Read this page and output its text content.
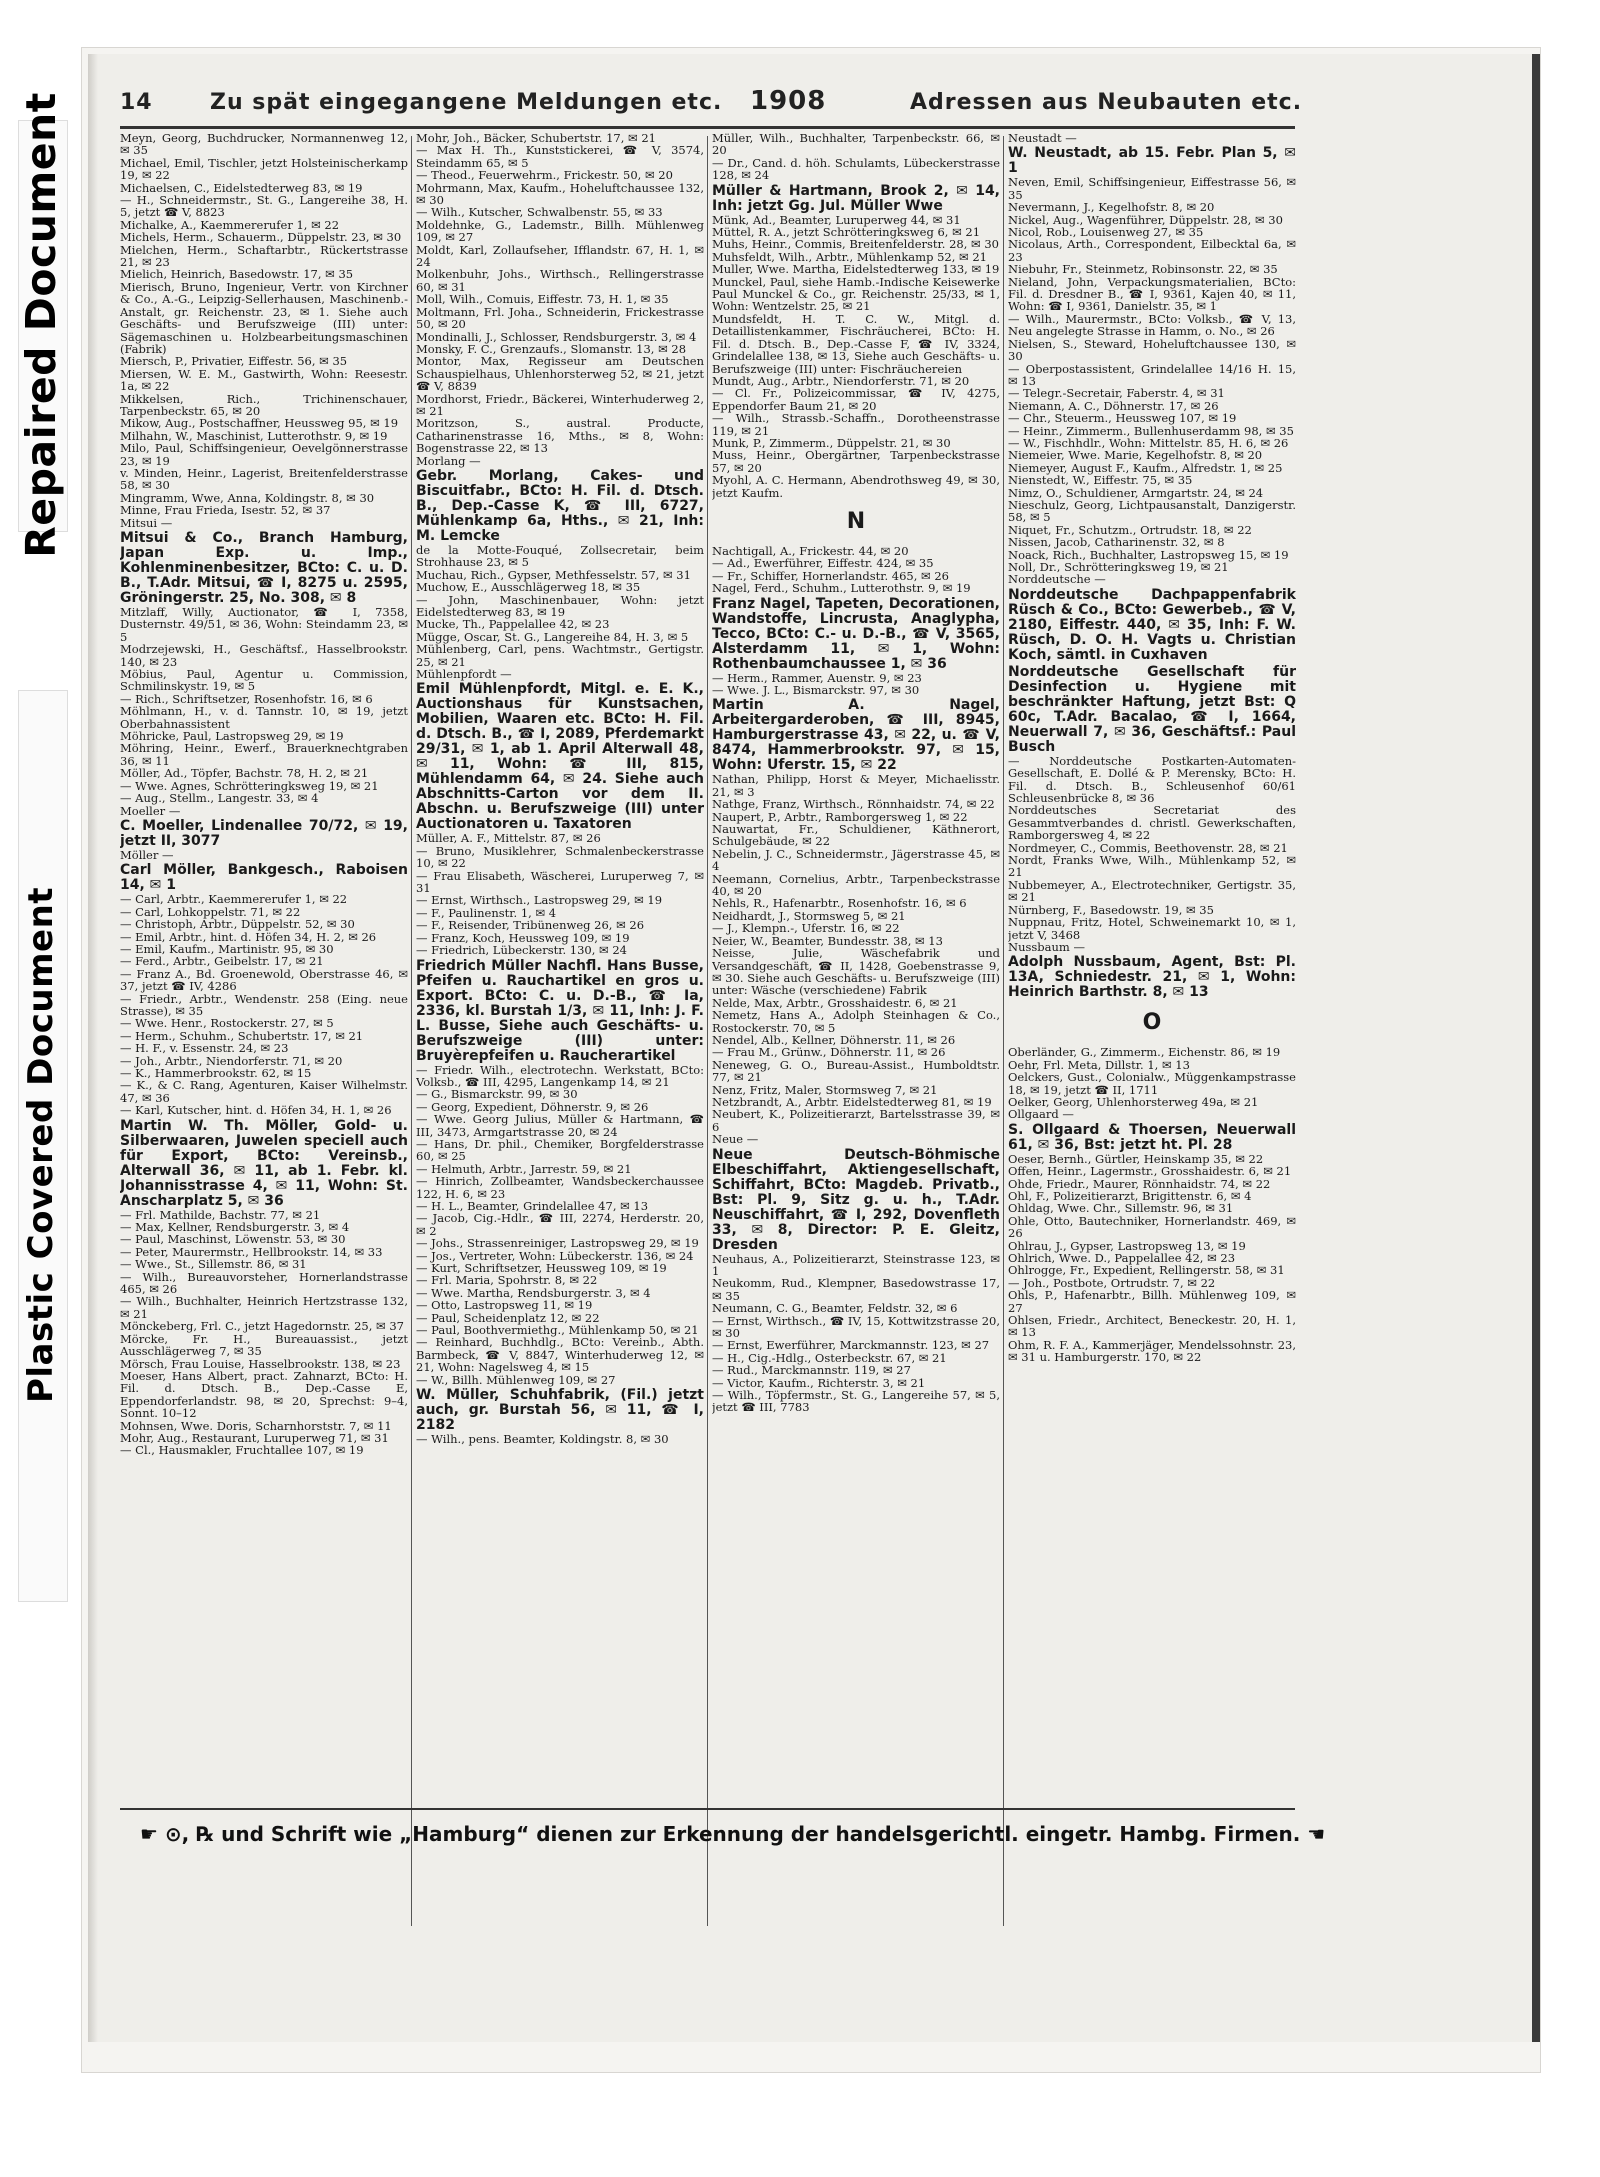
Repaired Document
Plastic Covered Document
14	Zu spät eingegangene Meldungen etc. 1908	Adressen aus Neubauten etc.

Meyn, Georg, Buchdrucker, Normannenweg 12, ✉ 35

Michael, Emil, Tischler, jetzt Holsteinischerkamp 19, ✉ 22

Michaelsen, C., Eidelstedterweg 83, ✉ 19

— H., Schneidermstr., St. G., Langereihe 38, H. 5, jetzt ☎ V, 8823

Michalke, A., Kaemmererufer 1, ✉ 22

Michels, Herm., Schauerm., Düppelstr. 23, ✉ 30

Mielchen, Herm., Schaftarbtr., Rückertstrasse 21, ✉ 23

Mielich, Heinrich, Basedowstr. 17, ✉ 35

Mierisch, Bruno, Ingenieur, Vertr. von Kirchner & Co., A.-G., Leipzig-Sellerhausen, Maschinenb.-Anstalt, gr. Reichenstr. 23, ✉ 1. Siehe auch Geschäfts- und Berufszweige (III) unter: Sägemaschinen u. Holzbearbeitungsmaschinen (Fabrik)

Miersch, P., Privatier, Eiffestr. 56, ✉ 35

Miersen, W. E. M., Gastwirth, Wohn: Reesestr. 1a, ✉ 22

Mikkelsen, Rich., Trichinenschauer, Tarpenbeckstr. 65, ✉ 20

Mikow, Aug., Postschaffner, Heussweg 95, ✉ 19

Milhahn, W., Maschinist, Lutterothstr. 9, ✉ 19

Milo, Paul, Schiffsingenieur, Oevelgönnerstrasse 23, ✉ 19

v. Minden, Heinr., Lagerist, Breitenfelderstrasse 58, ✉ 30

Mingramm, Wwe, Anna, Koldingstr. 8, ✉ 30

Minne, Frau Frieda, Isestr. 52, ✉ 37

Mitsui —

Mitsui & Co., Branch Hamburg, Japan Exp. u. Imp., Kohlenminenbesitzer, BCto: C. u. D. B., T.Adr. Mitsui, ☎ I, 8275 u. 2595, Gröningerstr. 25, No. 308, ✉ 8

Mitzlaff, Willy, Auctionator, ☎ I, 7358, Dusternstr. 49/51, ✉ 36, Wohn: Steindamm 23, ✉ 5

Modrzejewski, H., Geschäftsf., Hasselbrookstr. 140, ✉ 23

Möbius, Paul, Agentur u. Commission, Schmilinskystr. 19, ✉ 5

— Rich., Schriftsetzer, Rosenhofstr. 16, ✉ 6

Möhlmann, H., v. d. Tannstr. 10, ✉ 19, jetzt Oberbahnassistent

Möhricke, Paul, Lastropsweg 29, ✉ 19

Möhring, Heinr., Ewerf., Brauerknechtgraben 36, ✉ 11

Möller, Ad., Töpfer, Bachstr. 78, H. 2, ✉ 21

— Wwe. Agnes, Schrötteringksweg 19, ✉ 21

— Aug., Stellm., Langestr. 33, ✉ 4

Moeller —

C. Moeller, Lindenallee 70/72, ✉ 19, jetzt II, 3077

Möller —

Carl Möller, Bankgesch., Raboisen 14, ✉ 1

— Carl, Arbtr., Kaemmererufer 1, ✉ 22

— Carl, Lohkoppelstr. 71, ✉ 22

— Christoph, Arbtr., Düppelstr. 52, ✉ 30

— Emil, Arbtr., hint. d. Höfen 34, H. 2, ✉ 26

— Emil, Kaufm., Martinistr. 95, ✉ 30

— Ferd., Arbtr., Geibelstr. 17, ✉ 21

— Franz A., Bd. Groenewold, Oberstrasse 46, ✉ 37, jetzt ☎ IV, 4286

— Friedr., Arbtr., Wendenstr. 258 (Eing. neue Strasse), ✉ 35

— Wwe. Henr., Rostockerstr. 27, ✉ 5

— Herm., Schuhm., Schubertstr. 17, ✉ 21

— H. F., v. Essenstr. 24, ✉ 23

— Joh., Arbtr., Niendorferstr. 71, ✉ 20

— K., Hammerbrookstr. 62, ✉ 15

— K., & C. Rang, Agenturen, Kaiser Wilhelmstr. 47, ✉ 36

— Karl, Kutscher, hint. d. Höfen 34, H. 1, ✉ 26

Martin W. Th. Möller, Gold- u. Silberwaaren, Juwelen speciell auch für Export, BCto: Vereinsb., Alterwall 36, ✉ 11, ab 1. Febr. kl. Johannisstrasse 4, ✉ 11, Wohn: St. Anscharplatz 5, ✉ 36

— Frl. Mathilde, Bachstr. 77, ✉ 21

— Max, Kellner, Rendsburgerstr. 3, ✉ 4

— Paul, Maschinst, Löwenstr. 53, ✉ 30

— Peter, Maurermstr., Hellbrookstr. 14, ✉ 33

— Wwe., St., Sillemstr. 86, ✉ 31

— Wilh., Bureauvorsteher, Hornerlandstrasse 465, ✉ 26

— Wilh., Buchhalter, Heinrich Hertzstrasse 132, ✉ 21

Mönckeberg, Frl. C., jetzt Hagedornstr. 25, ✉ 37

Mörcke, Fr. H., Bureauassist., jetzt Ausschlägerweg 7, ✉ 35

Mörsch, Frau Louise, Hasselbrookstr. 138, ✉ 23

Moeser, Hans Albert, pract. Zahnarzt, BCto: H. Fil. d. Dtsch. B., Dep.-Casse E, Eppendorferlandstr. 98, ✉ 20, Sprechst: 9–4, Sonnt. 10–12

Mohnsen, Wwe. Doris, Scharnhorststr. 7, ✉ 11

Mohr, Aug., Restaurant, Luruperweg 71, ✉ 31

— Cl., Hausmakler, Fruchtallee 107, ✉ 19

Mohr, Joh., Bäcker, Schubertstr. 17, ✉ 21

— Max H. Th., Kunststickerei, ☎ V, 3574, Steindamm 65, ✉ 5

— Theod., Feuerwehrm., Frickestr. 50, ✉ 20

Mohrmann, Max, Kaufm., Hoheluftchaussee 132, ✉ 30

— Wilh., Kutscher, Schwalbenstr. 55, ✉ 33

Moldehnke, G., Lademstr., Billh. Mühlenweg 109, ✉ 27

Moldt, Karl, Zollaufseher, Ifflandstr. 67, H. 1, ✉ 24

Molkenbuhr, Johs., Wirthsch., Rellingerstrasse 60, ✉ 31

Moll, Wilh., Comuis, Eiffestr. 73, H. 1, ✉ 35

Moltmann, Frl. Joha., Schneiderin, Frickestrasse 50, ✉ 20

Mondinalli, J., Schlosser, Rendsburgerstr. 3, ✉ 4

Monsky, F. C., Grenzaufs., Slomanstr. 13, ✉ 28

Montor, Max, Regisseur am Deutschen Schauspielhaus, Uhlenhorsterweg 52, ✉ 21, jetzt ☎ V, 8839

Mordhorst, Friedr., Bäckerei, Winterhuderweg 2, ✉ 21

Moritzson, S., austral. Producte, Catharinenstrasse 16, Mths., ✉ 8, Wohn: Bogenstrasse 22, ✉ 13

Morlang —

Gebr. Morlang, Cakes- und Biscuitfabr., BCto: H. Fil. d. Dtsch. B., Dep.-Casse K, ☎ III, 6727, Mühlenkamp 6a, Hths., ✉ 21, Inh: M. Lemcke

de la Motte-Fouqué, Zollsecretair, beim Strohhause 23, ✉ 5

Muchau, Rich., Gypser, Methfesselstr. 57, ✉ 31

Muchow, E., Ausschlägerweg 18, ✉ 35

— John, Maschinenbauer, Wohn: jetzt Eidelstedterweg 83, ✉ 19

Mucke, Th., Pappelallee 42, ✉ 23

Mügge, Oscar, St. G., Langereihe 84, H. 3, ✉ 5

Mühlenberg, Carl, pens. Wachtmstr., Gertigstr. 25, ✉ 21

Mühlenpfordt —

Emil Mühlenpfordt, Mitgl. e. E. K., Auctionshaus für Kunstsachen, Mobilien, Waaren etc. BCto: H. Fil. d. Dtsch. B., ☎ I, 2089, Pferdemarkt 29/31, ✉ 1, ab 1. April Alterwall 48, ✉ 11, Wohn: ☎ III, 815, Mühlendamm 64, ✉ 24. Siehe auch Abschnitts-Carton vor dem II. Abschn. u. Berufszweige (III) unter Auctionatoren u. Taxatoren

Müller, A. F., Mittelstr. 87, ✉ 26

— Bruno, Musiklehrer, Schmalenbeckerstrasse 10, ✉ 22

— Frau Elisabeth, Wäscherei, Luruperweg 7, ✉ 31

— Ernst, Wirthsch., Lastropsweg 29, ✉ 19

— F., Paulinenstr. 1, ✉ 4

— F., Reisender, Tribünenweg 26, ✉ 26

— Franz, Koch, Heussweg 109, ✉ 19

— Friedrich, Lübeckerstr. 130, ✉ 24

Friedrich Müller Nachfl. Hans Busse, Pfeifen u. Rauchartikel en gros u. Export. BCto: C. u. D.-B., ☎ Ia, 2336, kl. Burstah 1/3, ✉ 11, Inh: J. F. L. Busse, Siehe auch Geschäfts- u. Berufszweige (III) unter: Bruyèrepfeifen u. Raucherartikel

— Friedr. Wilh., electrotechn. Werkstatt, BCto: Volksb., ☎ III, 4295, Langenkamp 14, ✉ 21

— G., Bismarckstr. 99, ✉ 30

— Georg, Expedient, Döhnerstr. 9, ✉ 26

— Wwe. Georg Julius, Müller & Hartmann, ☎ III, 3473, Armgartstrasse 20, ✉ 24

— Hans, Dr. phil., Chemiker, Borgfelderstrasse 60, ✉ 25

— Helmuth, Arbtr., Jarrestr. 59, ✉ 21

— Hinrich, Zollbeamter, Wandsbeckerchaussee 122, H. 6, ✉ 23

— H. L., Beamter, Grindelallee 47, ✉ 13

— Jacob, Cig.-Hdlr., ☎ III, 2274, Herderstr. 20, ✉ 2

— Johs., Strassenreiniger, Lastropsweg 29, ✉ 19

— Jos., Vertreter, Wohn: Lübeckerstr. 136, ✉ 24

— Kurt, Schriftsetzer, Heussweg 109, ✉ 19

— Frl. Maria, Spohrstr. 8, ✉ 22

— Wwe. Martha, Rendsburgerstr. 3, ✉ 4

— Otto, Lastropsweg 11, ✉ 19

— Paul, Scheidenplatz 12, ✉ 22

— Paul, Boothvermiethg., Mühlenkamp 50, ✉ 21

— Reinhard, Buchhdlg., BCto: Vereinb., Abth. Barmbeck, ☎ V, 8847, Winterhuderweg 12, ✉ 21, Wohn: Nagelsweg 4, ✉ 15

— W., Billh. Mühlenweg 109, ✉ 27

W. Müller, Schuhfabrik, (Fil.) jetzt auch, gr. Burstah 56, ✉ 11, ☎ I, 2182

— Wilh., pens. Beamter, Koldingstr. 8, ✉ 30

Müller, Wilh., Buchhalter, Tarpenbeckstr. 66, ✉ 20

— Dr., Cand. d. höh. Schulamts, Lübeckerstrasse 128, ✉ 24

Müller & Hartmann, Brook 2, ✉ 14, Inh: jetzt Gg. Jul. Müller Wwe

Münk, Ad., Beamter, Luruperweg 44, ✉ 31

Müttel, R. A., jetzt Schrötteringksweg 6, ✉ 21

Muhs, Heinr., Commis, Breitenfelderstr. 28, ✉ 30

Muhsfeldt, Wilh., Arbtr., Mühlenkamp 52, ✉ 21

Muller, Wwe. Martha, Eidelstedterweg 133, ✉ 19

Munckel, Paul, siehe Hamb.-Indische Keisewerke Paul Munckel & Co., gr. Reichenstr. 25/33, ✉ 1, Wohn: Wentzelstr. 25, ✉ 21

Mundsfeldt, H. T. C. W., Mitgl. d. Detaillistenkammer, Fischräucherei, BCto: H. Fil. d. Dtsch. B., Dep.-Casse F, ☎ IV, 3324, Grindelallee 138, ✉ 13, Siehe auch Geschäfts- u. Berufszweige (III) unter: Fischräuchereien

Mundt, Aug., Arbtr., Niendorferstr. 71, ✉ 20

— Cl. Fr., Polizeicommissar, ☎ IV, 4275, Eppendorfer Baum 21, ✉ 20

— Wilh., Strassb.-Schaffn., Dorotheenstrasse 119, ✉ 21

Munk, P., Zimmerm., Düppelstr. 21, ✉ 30

Muss, Heinr., Obergärtner, Tarpenbeckstrasse 57, ✉ 20

Myohl, A. C. Hermann, Abendrothsweg 49, ✉ 30, jetzt Kaufm.

N

Nachtigall, A., Frickestr. 44, ✉ 20

— Ad., Ewerführer, Eiffestr. 424, ✉ 35

— Fr., Schiffer, Hornerlandstr. 465, ✉ 26

Nagel, Ferd., Schuhm., Lutterothstr. 9, ✉ 19

Franz Nagel, Tapeten, Decorationen, Wandstoffe, Lincrusta, Anaglypha, Tecco, BCto: C.- u. D.-B., ☎ V, 3565, Alsterdamm 11, ✉ 1, Wohn: Rothenbaumchaussee 1, ✉ 36

— Herm., Rammer, Auenstr. 9, ✉ 23

— Wwe. J. L., Bismarckstr. 97, ✉ 30

Martin A. Nagel, Arbeitergarderoben, ☎ III, 8945, Hamburgerstrasse 43, ✉ 22, u. ☎ V, 8474, Hammerbrookstr. 97, ✉ 15, Wohn: Uferstr. 15, ✉ 22

Nathan, Philipp, Horst & Meyer, Michaelisstr. 21, ✉ 3

Nathge, Franz, Wirthsch., Rönnhaidstr. 74, ✉ 22

Naupert, P., Arbtr., Ramborgersweg 1, ✉ 22

Nauwartat, Fr., Schuldiener, Käthnerort, Schulgebäude, ✉ 22

Nebelin, J. C., Schneidermstr., Jägerstrasse 45, ✉ 4

Neemann, Cornelius, Arbtr., Tarpenbeckstrasse 40, ✉ 20

Nehls, R., Hafenarbtr., Rosenhofstr. 16, ✉ 6

Neidhardt, J., Stormsweg 5, ✉ 21

— J., Klempn.-, Uferstr. 16, ✉ 22

Neier, W., Beamter, Bundesstr. 38, ✉ 13

Neisse, Julie, Wäschefabrik und Versandgeschäft, ☎ II, 1428, Goebenstrasse 9, ✉ 30. Siehe auch Geschäfts- u. Berufszweige (III) unter: Wäsche (verschiedene) Fabrik

Nelde, Max, Arbtr., Grosshaidestr. 6, ✉ 21

Nemetz, Hans A., Adolph Steinhagen & Co., Rostockerstr. 70, ✉ 5

Nendel, Alb., Kellner, Döhnerstr. 11, ✉ 26

— Frau M., Grünw., Döhnerstr. 11, ✉ 26

Neneweg, G. O., Bureau-Assist., Humboldtstr. 77, ✉ 21

Nenz, Fritz, Maler, Stormsweg 7, ✉ 21

Netzbrandt, A., Arbtr. Eidelstedterweg 81, ✉ 19

Neubert, K., Polizeitierarzt, Bartelsstrasse 39, ✉ 6

Neue —

Neue Deutsch-Böhmische Elbeschiffahrt, Aktiengesellschaft, Schiffahrt, BCto: Magdeb. Privatb., Bst: Pl. 9, Sitz g. u. h., T.Adr. Neuschiffahrt, ☎ I, 292, Dovenfleth 33, ✉ 8, Director: P. E. Gleitz, Dresden

Neuhaus, A., Polizeitierarzt, Steinstrasse 123, ✉ 1

Neukomm, Rud., Klempner, Basedowstrasse 17, ✉ 35

Neumann, C. G., Beamter, Feldstr. 32, ✉ 6

— Ernst, Wirthsch., ☎ IV, 15, Kottwitzstrasse 20, ✉ 30

— Ernst, Ewerführer, Marckmannstr. 123, ✉ 27

— H., Cig.-Hdlg., Osterbeckstr. 67, ✉ 21

— Rud., Marckmannstr. 119, ✉ 27

— Victor, Kaufm., Richterstr. 3, ✉ 21

— Wilh., Töpfermstr., St. G., Langereihe 57, ✉ 5, jetzt ☎ III, 7783

Neustadt —

W. Neustadt, ab 15. Febr. Plan 5, ✉ 1

Neven, Emil, Schiffsingenieur, Eiffestrasse 56, ✉ 35

Nevermann, J., Kegelhofstr. 8, ✉ 20

Nickel, Aug., Wagenführer, Düppelstr. 28, ✉ 30

Nicol, Rob., Louisenweg 27, ✉ 35

Nicolaus, Arth., Correspondent, Eilbecktal 6a, ✉ 23

Niebuhr, Fr., Steinmetz, Robinsonstr. 22, ✉ 35

Nieland, John, Verpackungsmaterialien, BCto: Fil. d. Dresdner B., ☎ I, 9361, Kajen 40, ✉ 11, Wohn: ☎ I, 9361, Danielstr. 35, ✉ 1

— Wilh., Maurermstr., BCto: Volksb., ☎ V, 13, Neu angelegte Strasse in Hamm, o. No., ✉ 26

Nielsen, S., Steward, Hoheluftchaussee 130, ✉ 30

— Oberpostassistent, Grindelallee 14/16 H. 15, ✉ 13

— Telegr.-Secretair, Faberstr. 4, ✉ 31

Niemann, A. C., Döhnerstr. 17, ✉ 26

— Chr., Steuerm., Heussweg 107, ✉ 19

— Heinr., Zimmerm., Bullenhuserdamm 98, ✉ 35

— W., Fischhdlr., Wohn: Mittelstr. 85, H. 6, ✉ 26

Niemeier, Wwe. Marie, Kegelhofstr. 8, ✉ 20

Niemeyer, August F., Kaufm., Alfredstr. 1, ✉ 25

Nienstedt, W., Eiffestr. 75, ✉ 35

Nimz, O., Schuldiener, Armgartstr. 24, ✉ 24

Nieschulz, Georg, Lichtpausanstalt, Danzigerstr. 58, ✉ 5

Niquet, Fr., Schutzm., Ortrudstr. 18, ✉ 22

Nissen, Jacob, Catharinenstr. 32, ✉ 8

Noack, Rich., Buchhalter, Lastropsweg 15, ✉ 19

Noll, Dr., Schrötteringksweg 19, ✉ 21

Norddeutsche —

Norddeutsche Dachpappenfabrik Rüsch & Co., BCto: Gewerbeb., ☎ V, 2180, Eiffestr. 440, ✉ 35, Inh: F. W. Rüsch, D. O. H. Vagts u. Christian Koch, sämtl. in Cuxhaven

Norddeutsche Gesellschaft für Desinfection u. Hygiene mit beschränkter Haftung, jetzt Bst: Q 60c, T.Adr. Bacalao, ☎ I, 1664, Neuerwall 7, ✉ 36, Geschäftsf.: Paul Busch

— Norddeutsche Postkarten-Automaten-Gesellschaft, E. Dollé & P. Merensky, BCto: H. Fil. d. Dtsch. B., Schleusenhof 60/61 Schleusenbrücke 8, ✉ 36

Norddeutsches Secretariat des Gesammtverbandes d. christl. Gewerkschaften, Ramborgersweg 4, ✉ 22

Nordmeyer, C., Commis, Beethovenstr. 28, ✉ 21

Nordt, Franks Wwe, Wilh., Mühlenkamp 52, ✉ 21

Nubbemeyer, A., Electrotechniker, Gertigstr. 35, ✉ 21

Nürnberg, F., Basedowstr. 19, ✉ 35

Nuppnau, Fritz, Hotel, Schweinemarkt 10, ✉ 1, jetzt V, 3468

Nussbaum —

Adolph Nussbaum, Agent, Bst: Pl. 13A, Schniedestr. 21, ✉ 1, Wohn: Heinrich Barthstr. 8, ✉ 13

O

Oberländer, G., Zimmerm., Eichenstr. 86, ✉ 19

Oehr, Frl. Meta, Dillstr. 1, ✉ 13

Oelckers, Gust., Colonialw., Müggenkampstrasse 18, ✉ 19, jetzt ☎ II, 1711

Oelker, Georg, Uhlenhorsterweg 49a, ✉ 21

Ollgaard —

S. Ollgaard & Thoersen, Neuerwall 61, ✉ 36, Bst: jetzt ht. Pl. 28

Oeser, Bernh., Gürtler, Heinskamp 35, ✉ 22

Offen, Heinr., Lagermstr., Grosshaidestr. 6, ✉ 21

Ohde, Friedr., Maurer, Rönnhaidstr. 74, ✉ 22

Ohl, F., Polizeitierarzt, Brigittenstr. 6, ✉ 4

Ohldag, Wwe. Chr., Sillemstr. 96, ✉ 31

Ohle, Otto, Bautechniker, Hornerlandstr. 469, ✉ 26

Ohlrau, J., Gypser, Lastropsweg 13, ✉ 19

Ohlrich, Wwe. D., Pappelallee 42, ✉ 23

Ohlrogge, Fr., Expedient, Rellingerstr. 58, ✉ 31

— Joh., Postbote, Ortrudstr. 7, ✉ 22

Ohls, P., Hafenarbtr., Billh. Mühlenweg 109, ✉ 27

Ohlsen, Friedr., Architect, Beneckestr. 20, H. 1, ✉ 13

Ohm, R. F. A., Kammerjäger, Mendelssohnstr. 23, ✉ 31 u. Hamburgerstr. 170, ✉ 22

☛ ⊙, ℞ und Schrift wie „Hamburg“ dienen zur Erkennung der handelsgerichtl. eingetr. Hambg. Firmen. ☚
